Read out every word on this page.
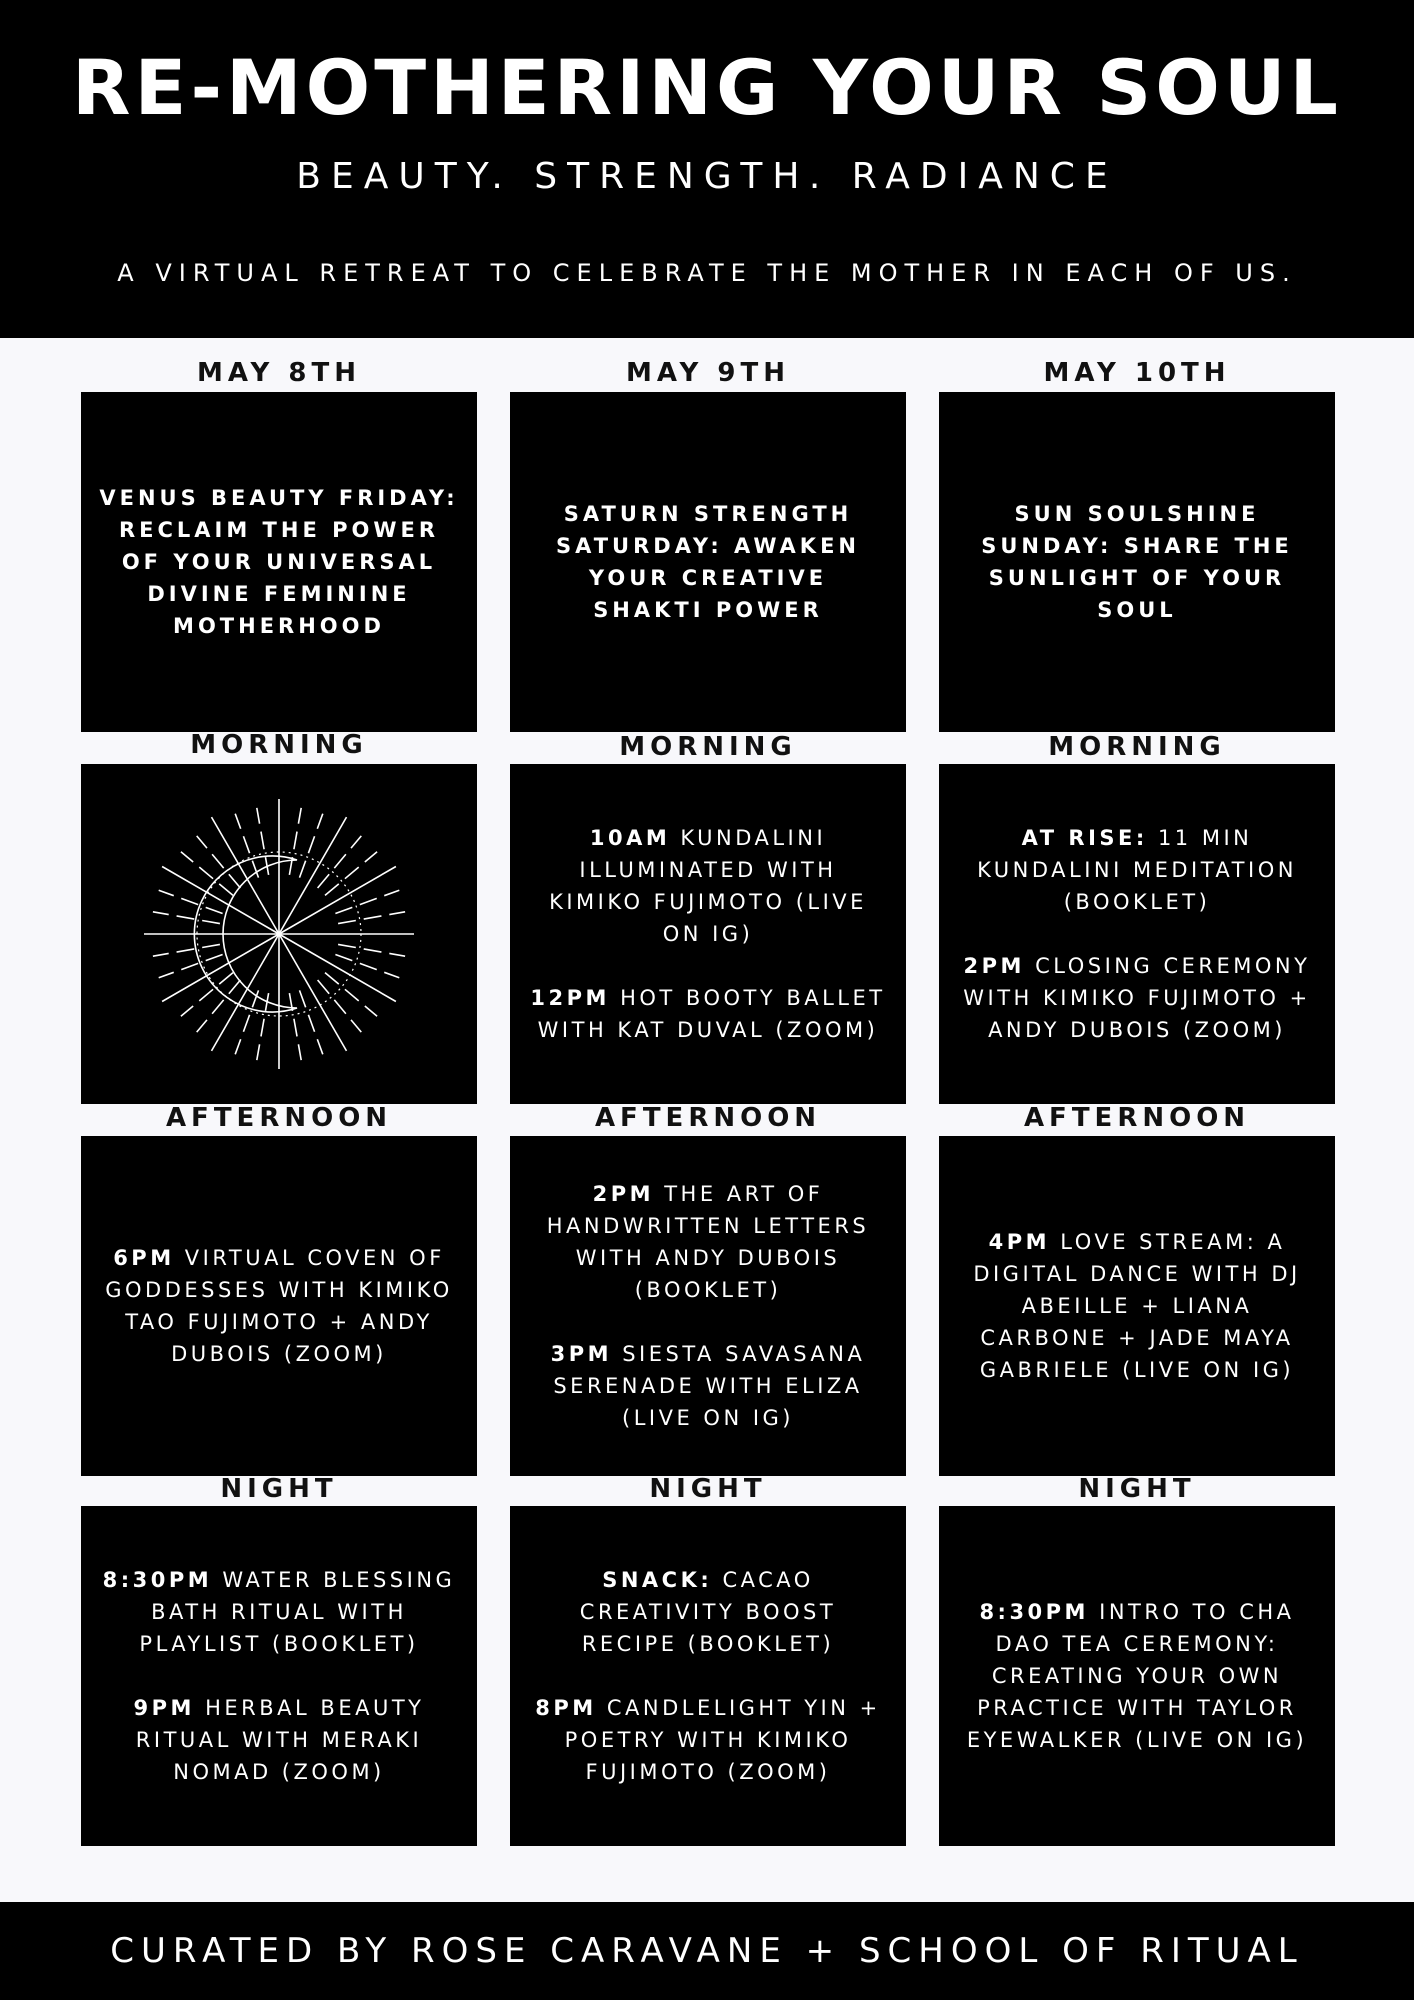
RE-MOTHERING YOUR SOUL
BEAUTY. STRENGTH. RADIANCE
A VIRTUAL RETREAT TO CELEBRATE THE MOTHER IN EACH OF US.
MAY 8TH
VENUS BEAUTY FRIDAY: RECLAIM THE POWER OF YOUR UNIVERSAL DIVINE FEMININE MOTHERHOOD
MORNING
AFTERNOON
6PM VIRTUAL COVEN OF GODDESSES WITH KIMIKO TAO FUJIMOTO + ANDY DUBOIS (ZOOM)
NIGHT
8:30PM WATER BLESSING BATH RITUAL WITH PLAYLIST (BOOKLET)
9PM HERBAL BEAUTY RITUAL WITH MERAKI NOMAD (ZOOM)
MAY 9TH
SATURN STRENGTH SATURDAY: AWAKEN YOUR CREATIVE SHAKTI POWER
MORNING
10AM KUNDALINI ILLUMINATED WITH KIMIKO FUJIMOTO (LIVE ON IG)
12PM HOT BOOTY BALLET WITH KAT DUVAL (ZOOM)
AFTERNOON
2PM THE ART OF HANDWRITTEN LETTERS WITH ANDY DUBOIS (BOOKLET)
3PM SIESTA SAVASANA SERENADE WITH ELIZA (LIVE ON IG)
NIGHT
SNACK: CACAO CREATIVITY BOOST RECIPE (BOOKLET)
8PM CANDLELIGHT YIN + POETRY WITH KIMIKO FUJIMOTO (ZOOM)
MAY 10TH
SUN SOULSHINE SUNDAY: SHARE THE SUNLIGHT OF YOUR SOUL
MORNING
AT RISE: 11 MIN KUNDALINI MEDITATION (BOOKLET)
2PM CLOSING CEREMONY WITH KIMIKO FUJIMOTO + ANDY DUBOIS (ZOOM)
AFTERNOON
4PM LOVE STREAM: A DIGITAL DANCE WITH DJ ABEILLE + LIANA CARBONE + JADE MAYA GABRIELE (LIVE ON IG)
NIGHT
8:30PM INTRO TO CHA DAO TEA CEREMONY: CREATING YOUR OWN PRACTICE WITH TAYLOR EYEWALKER (LIVE ON IG)
CURATED BY ROSE CARAVANE + SCHOOL OF RITUAL
